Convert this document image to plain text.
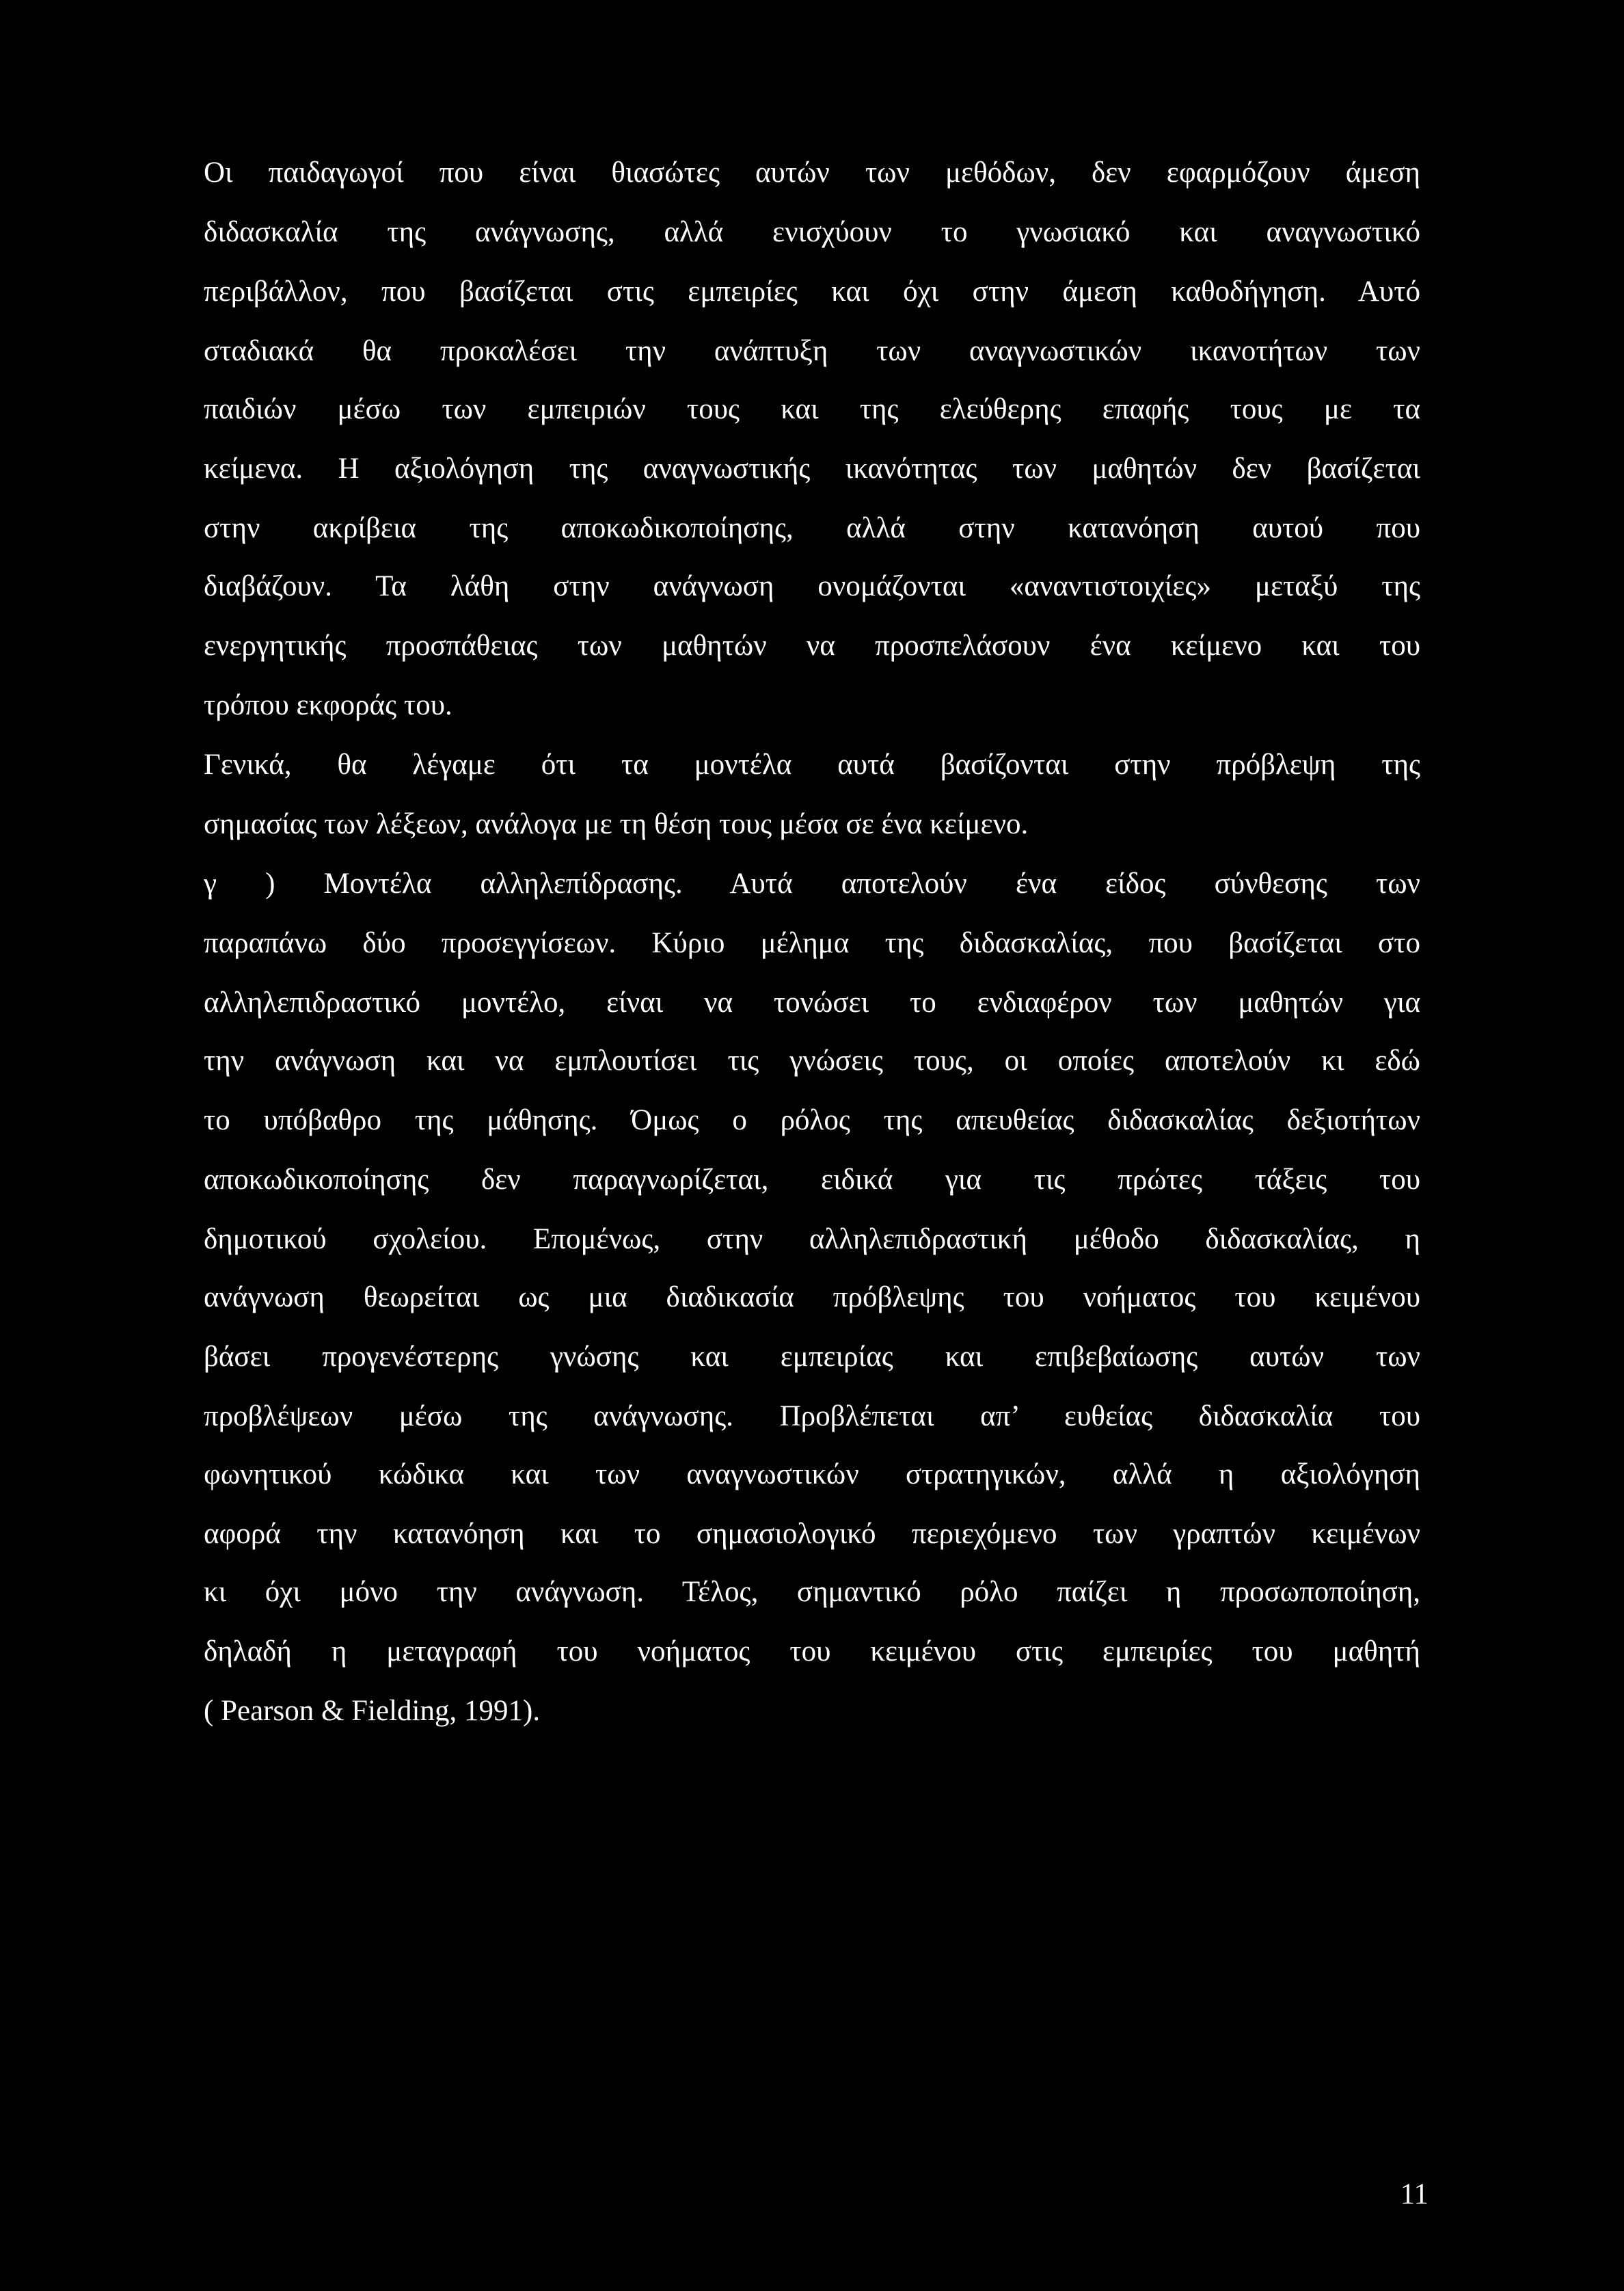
Οι παιδαγωγοί που είναι θιασώτες αυτών των μεθόδων, δεν εφαρμόζουν άμεση
διδασκαλία της ανάγνωσης, αλλά ενισχύουν το γνωσιακό και αναγνωστικό
περιβάλλον, που βασίζεται στις εμπειρίες και όχι στην άμεση καθοδήγηση. Αυτό
σταδιακά θα προκαλέσει την ανάπτυξη των αναγνωστικών ικανοτήτων των
παιδιών μέσω των εμπειριών τους και της ελεύθερης επαφής τους με τα
κείμενα. Η αξιολόγηση της αναγνωστικής ικανότητας των μαθητών δεν βασίζεται
στην ακρίβεια της αποκωδικοποίησης, αλλά στην κατανόηση αυτού που
διαβάζουν. Τα λάθη στην ανάγνωση ονομάζονται «αναντιστοιχίες» μεταξύ της
ενεργητικής προσπάθειας των μαθητών να προσπελάσουν ένα κείμενο και του
τρόπου εκφοράς του.
Γενικά, θα λέγαμε ότι τα μοντέλα αυτά βασίζονται στην πρόβλεψη της
σημασίας των λέξεων, ανάλογα με τη θέση τους μέσα σε ένα κείμενο.
γ ) Μοντέλα αλληλεπίδρασης. Αυτά αποτελούν ένα είδος σύνθεσης των
παραπάνω δύο προσεγγίσεων. Κύριο μέλημα της διδασκαλίας, που βασίζεται στο
αλληλεπιδραστικό μοντέλο, είναι να τονώσει το ενδιαφέρον των μαθητών για
την ανάγνωση και να εμπλουτίσει τις γνώσεις τους, οι οποίες αποτελούν κι εδώ
το υπόβαθρο της μάθησης. Όμως ο ρόλος της απευθείας διδασκαλίας δεξιοτήτων
αποκωδικοποίησης δεν παραγνωρίζεται, ειδικά για τις πρώτες τάξεις του
δημοτικού σχολείου. Επομένως, στην αλληλεπιδραστική μέθοδο διδασκαλίας, η
ανάγνωση θεωρείται ως μια διαδικασία πρόβλεψης του νοήματος του κειμένου
βάσει προγενέστερης γνώσης και εμπειρίας και επιβεβαίωσης αυτών των
προβλέψεων μέσω της ανάγνωσης. Προβλέπεται απ’ ευθείας διδασκαλία του
φωνητικού κώδικα και των αναγνωστικών στρατηγικών, αλλά η αξιολόγηση
αφορά την κατανόηση και το σημασιολογικό περιεχόμενο των γραπτών κειμένων
κι όχι μόνο την ανάγνωση. Τέλος, σημαντικό ρόλο παίζει η προσωποποίηση,
δηλαδή η μεταγραφή του νοήματος του κειμένου στις εμπειρίες του μαθητή
( Pearson & Fielding, 1991).
11
